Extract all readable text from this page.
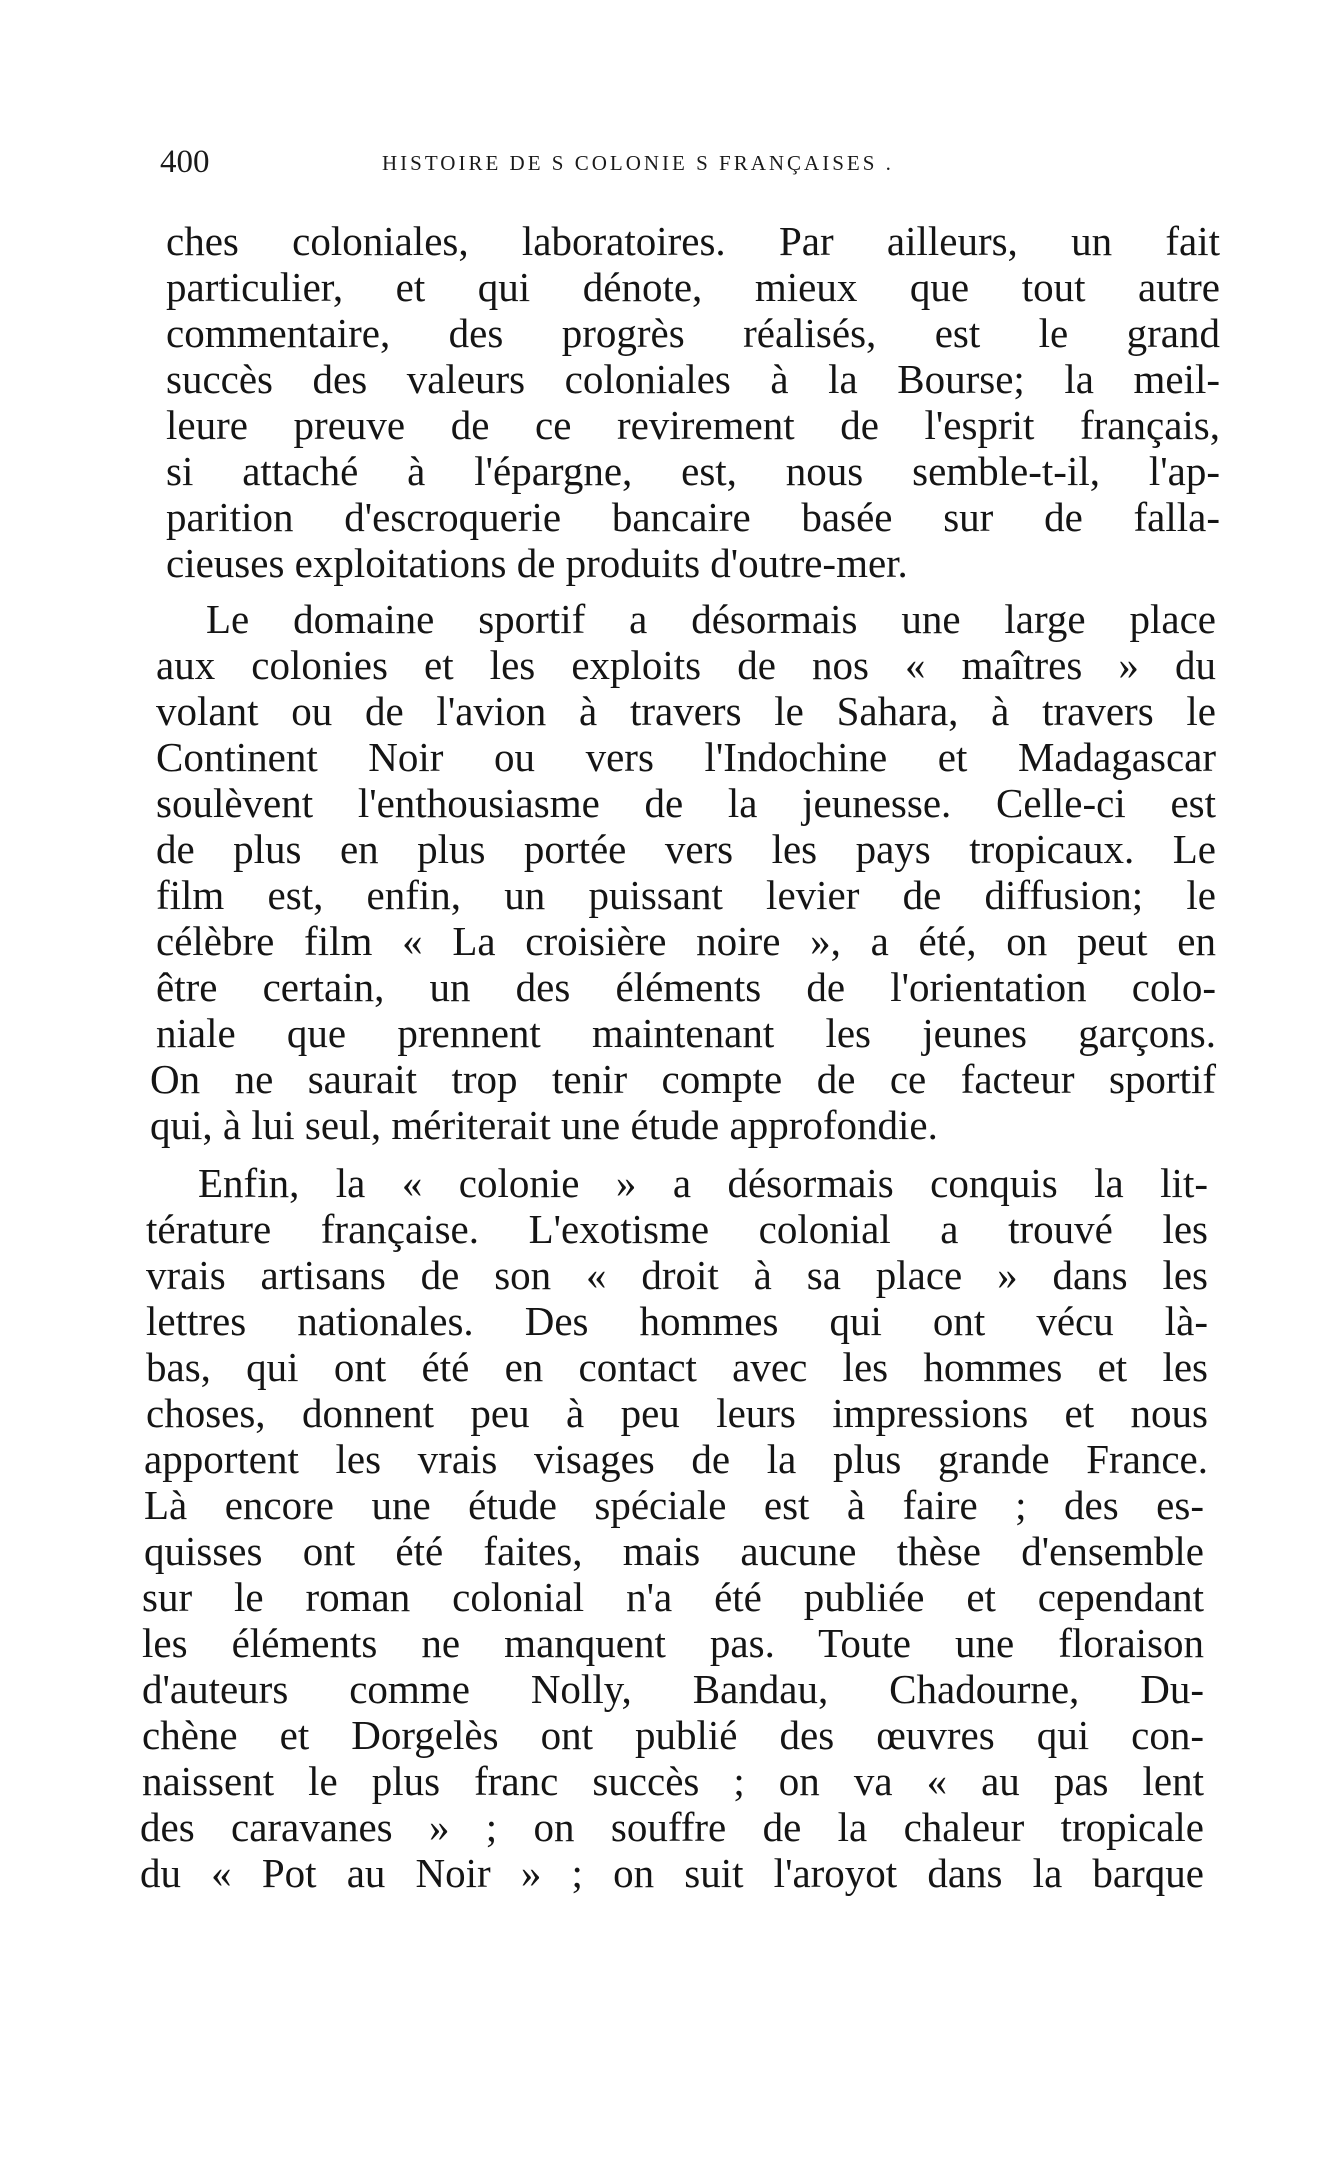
400	HISTOIRE DE S COLONIE S FRANÇAISES .
ches coloniales, laboratoires. Par ailleurs, un fait
particulier, et qui dénote, mieux que tout autre
commentaire, des progrès réalisés, est le grand
succès des valeurs coloniales à la Bourse; la meil-
leure preuve de ce revirement de l'esprit français,
si attaché à l'épargne, est, nous semble-t-il, l'ap-
parition d'escroquerie bancaire basée sur de falla-
cieuses exploitations de produits d'outre-mer.
Le domaine sportif a désormais une large place
aux colonies et les exploits de nos « maîtres » du
volant ou de l'avion à travers le Sahara, à travers le
Continent Noir ou vers l'Indochine et Madagascar
soulèvent l'enthousiasme de la jeunesse. Celle-ci est
de plus en plus portée vers les pays tropicaux. Le
film est, enfin, un puissant levier de diffusion; le
célèbre film « La croisière noire », a été, on peut en
être certain, un des éléments de l'orientation colo-
niale que prennent maintenant les jeunes garçons.
On ne saurait trop tenir compte de ce facteur sportif
qui, à lui seul, mériterait une étude approfondie.
Enfin, la « colonie » a désormais conquis la lit-
térature française. L'exotisme colonial a trouvé les
vrais artisans de son « droit à sa place » dans les
lettres nationales. Des hommes qui ont vécu là-
bas, qui ont été en contact avec les hommes et les
choses, donnent peu à peu leurs impressions et nous
apportent les vrais visages de la plus grande France.
Là encore une étude spéciale est à faire ; des es-
quisses ont été faites, mais aucune thèse d'ensemble
sur le roman colonial n'a été publiée et cependant
les éléments ne manquent pas. Toute une floraison
d'auteurs comme Nolly, Bandau, Chadourne, Du-
chène et Dorgelès ont publié des œuvres qui con-
naissent le plus franc succès ; on va « au pas lent
des caravanes » ; on souffre de la chaleur tropicale
du « Pot au Noir » ; on suit l'aroyot dans la barque
